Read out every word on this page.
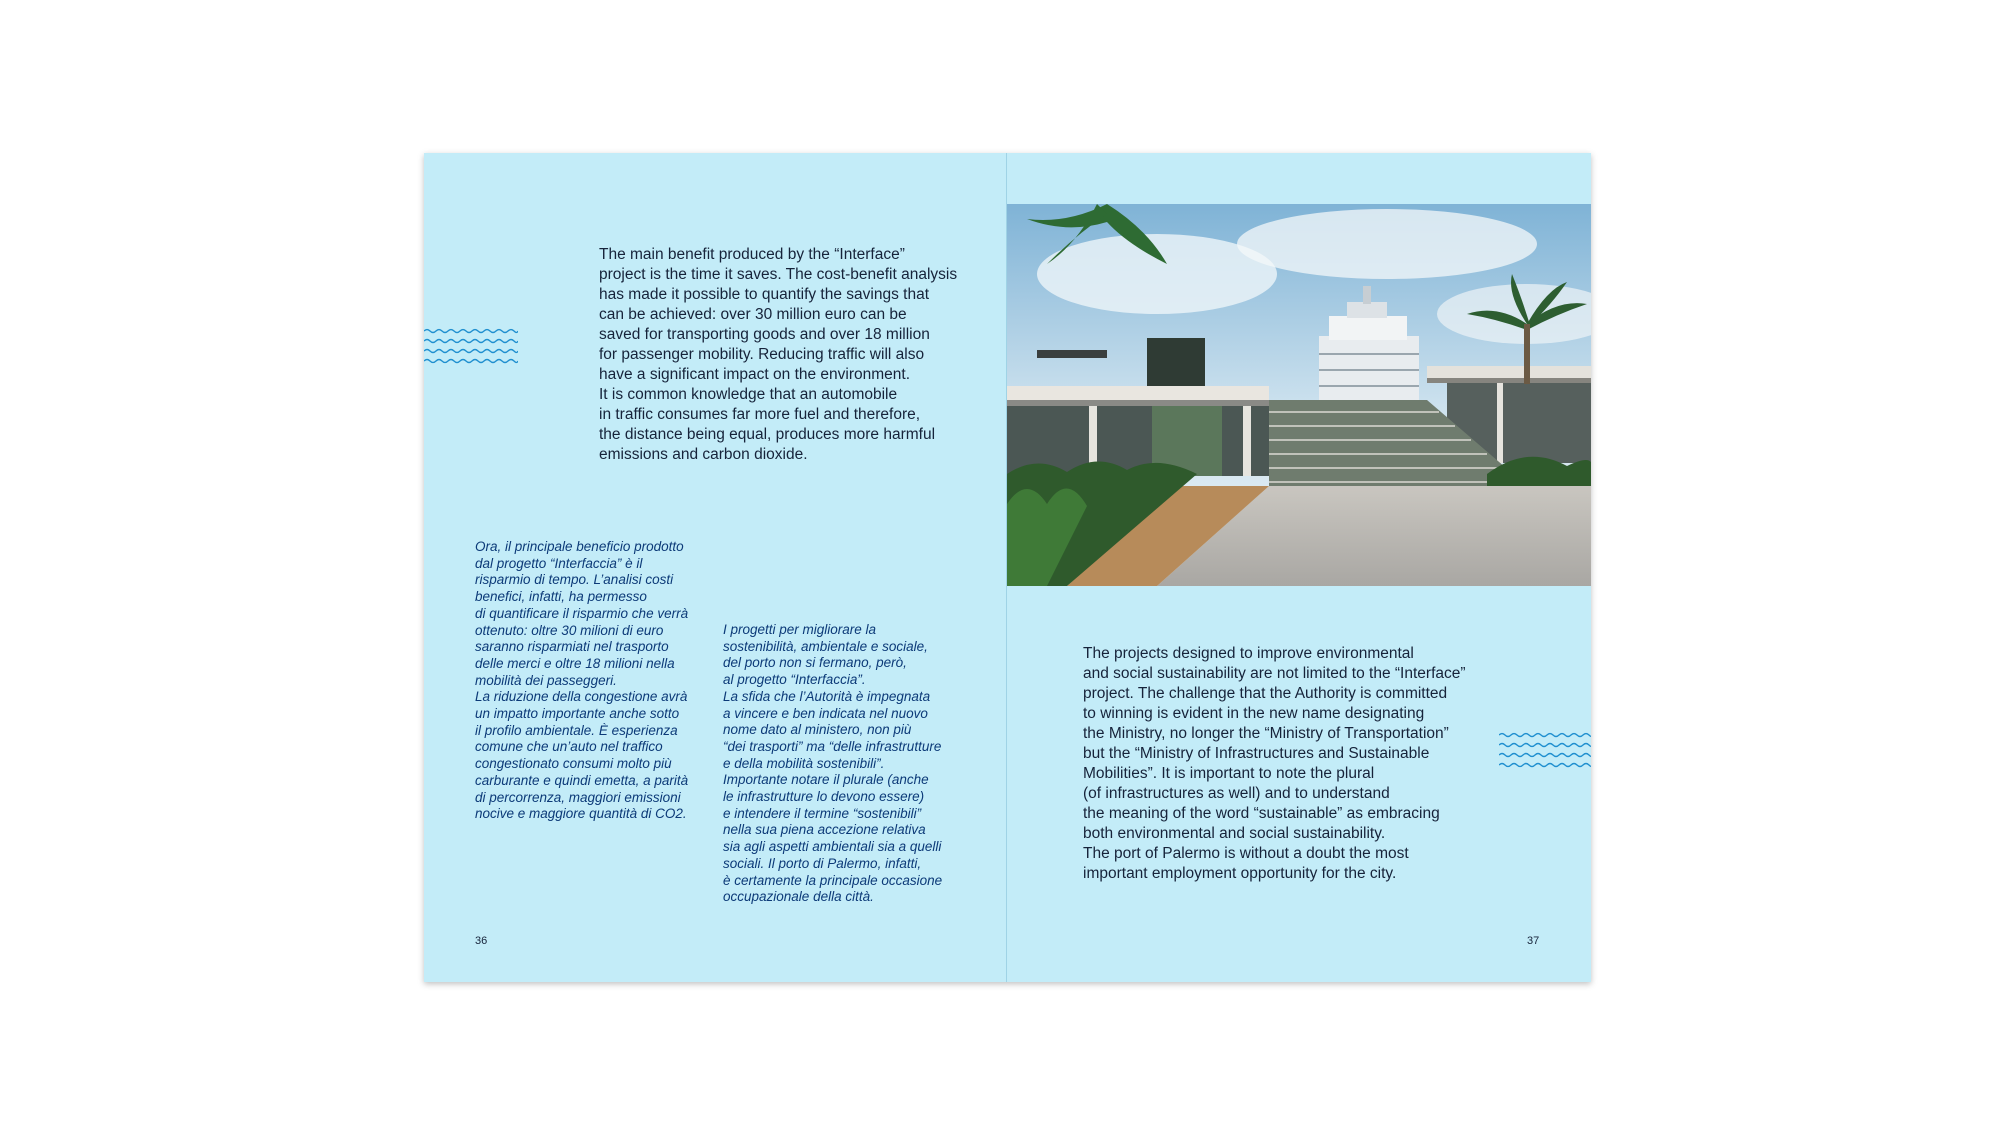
The main benefit produced by the “Interface”
project is the time it saves. The cost-benefit analysis
has made it possible to quantify the savings that
can be achieved: over 30 million euro can be
saved for transporting goods and over 18 million
for passenger mobility. Reducing traffic will also
have a significant impact on the environment.
It is common knowledge that an automobile
in traffic consumes far more fuel and therefore,
the distance being equal, produces more harmful
emissions and carbon dioxide.
Ora, il principale beneficio prodotto
dal progetto “Interfaccia” è il
risparmio di tempo. L’analisi costi
benefici, infatti, ha permesso
di quantificare il risparmio che verrà
ottenuto: oltre 30 milioni di euro
saranno risparmiati nel trasporto
delle merci e oltre 18 milioni nella
mobilità dei passeggeri.
La riduzione della congestione avrà
un impatto importante anche sotto
il profilo ambientale. È esperienza
comune che un’auto nel traffico
congestionato consumi molto più
carburante e quindi emetta, a parità
di percorrenza, maggiori emissioni
nocive e maggiore quantità di CO2.
I progetti per migliorare la
sostenibilità, ambientale e sociale,
del porto non si fermano, però,
al progetto “Interfaccia”.
La sfida che l’Autorità è impegnata
a vincere e ben indicata nel nuovo
nome dato al ministero, non più
“dei trasporti” ma “delle infrastrutture
e della mobilità sostenibili”.
Importante notare il plurale (anche
le infrastrutture lo devono essere)
e intendere il termine “sostenibili”
nella sua piena accezione relativa
sia agli aspetti ambientali sia a quelli
sociali. Il porto di Palermo, infatti,
è certamente la principale occasione
occupazionale della città.
36
The projects designed to improve environmental
and social sustainability are not limited to the “Interface”
project. The challenge that the Authority is committed
to winning is evident in the new name designating
the Ministry, no longer the “Ministry of Transportation”
but the “Ministry of Infrastructures and Sustainable
Mobilities”. It is important to note the plural
(of infrastructures as well) and to understand
the meaning of the word “sustainable” as embracing
both environmental and social sustainability.
The port of Palermo is without a doubt the most
important employment opportunity for the city.
37
